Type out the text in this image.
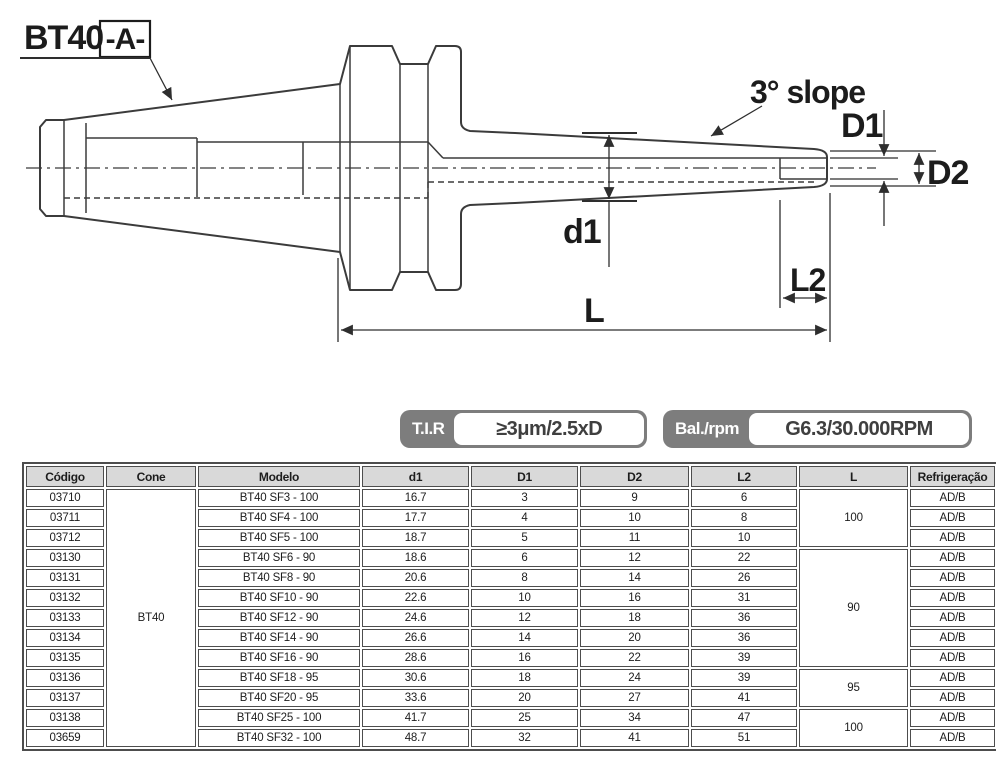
BT40 -A-
3° slope
d1
D1
D2
L2
L
T.I.R	≥3μm/2.5xD	Bal./rpm	G6.3/30.000RPM
Código	Cone	Modelo	d1	D1	D2	L2	L	Refrigeração
03710	BT40	BT40 SF3 - 100	16.7	3	9	6	100	AD/B
03711		BT40 SF4 - 100	17.7	4	10	8		AD/B
03712		BT40 SF5 - 100	18.7	5	11	10		AD/B
03130		BT40 SF6 - 90	18.6	6	12	22	90	AD/B
03131		BT40 SF8 - 90	20.6	8	14	26		AD/B
03132		BT40 SF10 - 90	22.6	10	16	31		AD/B
03133		BT40 SF12 - 90	24.6	12	18	36		AD/B
03134		BT40 SF14 - 90	26.6	14	20	36		AD/B
03135		BT40 SF16 - 90	28.6	16	22	39		AD/B
03136		BT40 SF18 - 95	30.6	18	24	39	95	AD/B
03137		BT40 SF20 - 95	33.6	20	27	41		AD/B
03138		BT40 SF25 - 100	41.7	25	34	47	100	AD/B
03659		BT40 SF32 - 100	48.7	32	41	51		AD/B
